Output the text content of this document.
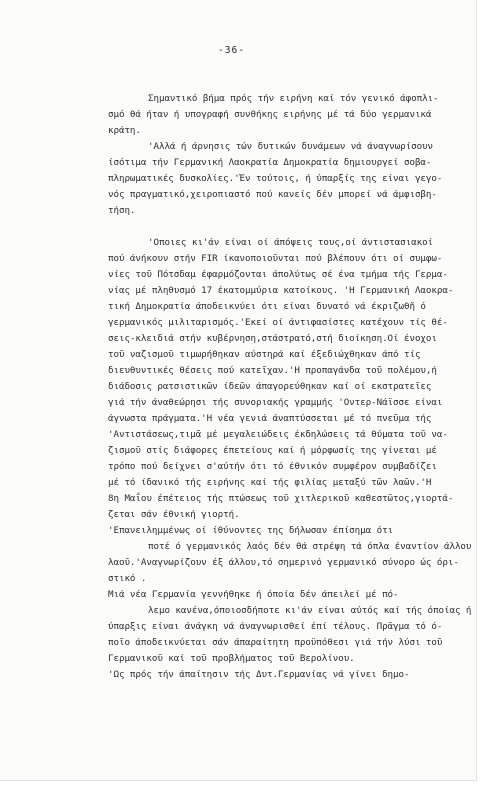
-36-
Σημαντικό βήμα πρός τήν ειρήνη καί τόν γενικό άφοπλι-
σμό θά ήταν ή υπογραφή συνθήκης ειρήνης μέ τά δύο γερμανικά
κράτη.
'Αλλά ή άρνησις τών δυτικών δυνάμεων νά άναγνωρίσουν
ίσότιμα τήν Γερμανική Λαοκρατία Δημοκρατία δημιουργεί σοβα-
πληρωματικές δυσκολίες.'Έν τούτοις, ή ύπαρξίς της είναι γεγο-
νός πραγματικό,χειροπιαστό πού κανείς δέν μπορεί νά άμφισβη-
τήση.
'Οποιες κι'άν είναι οί άπόψεις τους,οί άντιστασιακοί
πού άνήκουν στήν FIR ίκανοποιοῦνται πού βλέπουν ότι οί συμφω-
νίες τοῦ Πότσδαμ έφαρμόζονται άπολύτως σέ ένα τμήμα τής Γερμα-
νίας μέ πληθυσμό 17 έκατομμύρια κατοίκους. 'Η Γερμανική Λαοκρα-
τική Δημοκρατία άποδεικνύει ότι είναι δυνατό νά έκριζωθῆ ό
γερμανικός μιλιταρισμός.'Εκεί οί άντιφασίστες κατέχουν τίς θέ-
σεις-κλειδιά στήν κυβέρνηση,στάστρατό,στή διοίκηση.Οί ένοχοι
τοῦ ναζισμοῦ τιμωρήθηκαν αύστηρά καί έξεδιώχθηκαν άπό τίς
διευθυντικές θέσεις πού κατεῖχαν.'Η προπαγάνδα τοῦ πολέμου,ή
διάδοσις ρατσιστικῶν ίδεῶν άπαγορεύθηκαν καί οί εκστρατεῖες
γιά τήν άναθεώρησι τής συνοριακής γραμμής 'Οντερ-Νάϊσσε είναι
άγνωστα πράγματα.'Η νέα γενιά άναπτύσσεται μέ τό πνεῦμα τής
'Αντιστάσεως,τιμᾶ μέ μεγαλειώδεις έκδηλώσεις τά θύματα τοῦ να-
ζισμοῦ στίς διάφορες έπετείους καί ή μόρφωσίς της γίνεται μέ
τρόπο πού δείχνει σ'αύτήν ότι τό έθνικόν συμφέρον συμβαδίζει
μέ τό ίδανικό τής ειρήνης καί τής φιλίας μεταξύ τῶν λαῶν.'Η
8η Μαΐου έπέτειος τής πτώσεως τοῦ χιτλερικοῦ καθεστῶτος,γιορτά-
ζεται σάν έθνική γιορτή.
'Επανειλημμένως οί ίθύνοντες της δήλωσαν έπίσημα ότι
ποτέ ό γερμανικός λαός δέν θά στρέψη τά όπλα έναντίον άλλου
λαοῦ.'Αναγνωρίζουν έξ άλλου,τό σημερινό γερμανικό σύνορο ώς όρι-
στικό .
Μιά νέα Γερμανία γεννήθηκε ή όποία δέν άπειλεί μέ πό-
λεμο κανένα,όποιοσδήποτε κι'άν είναι αύτός καί τής όποίας ή
ύπαρξις είναι άνάγκη νά άναγνωρισθεί έπί τέλους. Πρᾶγμα τό ό-
ποῖο άποδεικνύεται σάν άπαραίτητη προϋπόθεσι γιά τήν λύσι τοῦ
Γερμανικοῦ καί τοῦ προβλήματος τοῦ Βερολίνου.
'Ως πρός τήν άπαίτησιν τής Δυτ.Γερμανίας νά γίνει δημο-
